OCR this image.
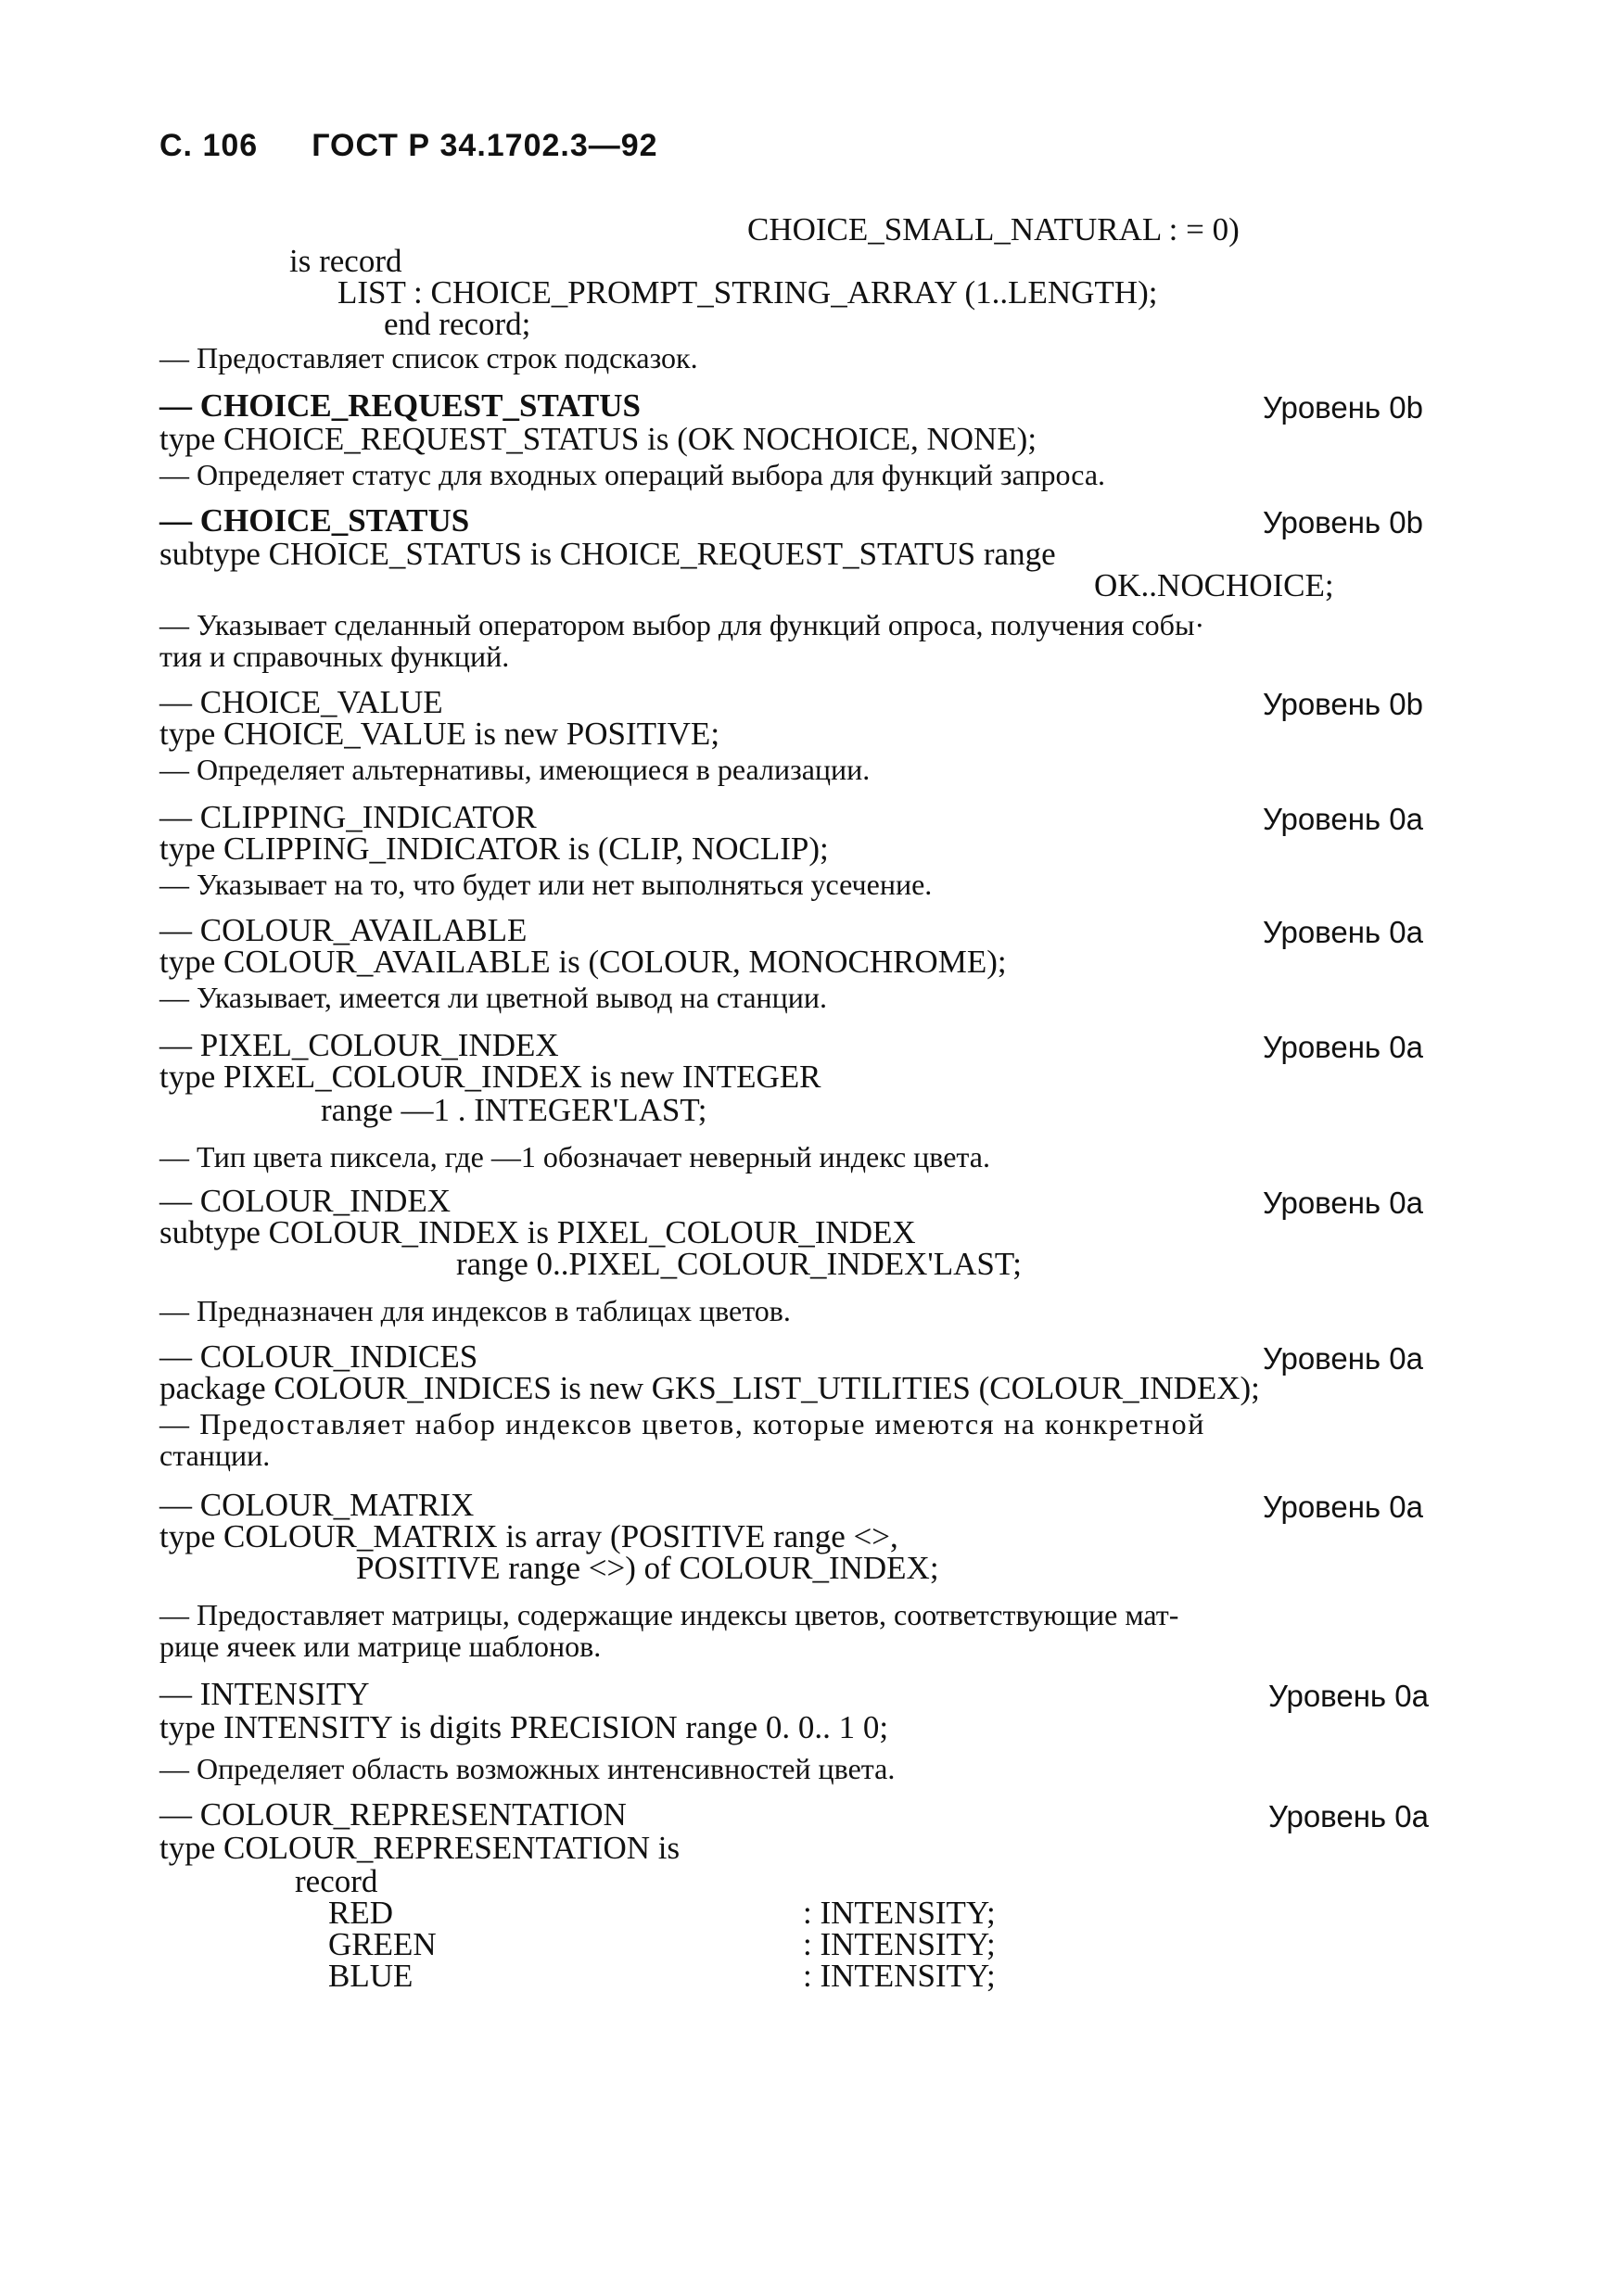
С. 106 ГОСТ Р 34.1702.3—92
CHOICE_SMALL_NATURAL : = 0)
is record
LIST : CHOICE_PROMPT_STRING_ARRAY (1..LENGTH);
end record;
— Предоставляет список строк подсказок.
— CHOICE_REQUEST_STATUS	Уровень 0b
type CHOICE_REQUEST_STATUS is (OK NOCHOICE, NONE);
— Определяет статус для входных операций выбора для функций запроса.
— CHOICE_STATUS	Уровень 0b
subtype CHOICE_STATUS is CHOICE_REQUEST_STATUS range
OK..NOCHOICE;
— Указывает сделанный оператором выбор для функций опроса, получения собы·
тия и справочных функций.
— CHOICE_VALUE	Уровень 0b
type CHOICE_VALUE is new POSITIVE;
— Определяет альтернативы, имеющиеся в реализации.
— CLIPPING_INDICATOR	Уровень 0a
type CLIPPING_INDICATOR is (CLIP, NOCLIP);
— Указывает на то, что будет или нет выполняться усечение.
— COLOUR_AVAILABLE	Уровень 0a
type COLOUR_AVAILABLE is (COLOUR, MONOCHROME);
— Указывает, имеется ли цветной вывод на станции.
— PIXEL_COLOUR_INDEX	Уровень 0a
type PIXEL_COLOUR_INDEX is new INTEGER
range —1 . INTEGER'LAST;
— Тип цвета пиксела, где —1 обозначает неверный индекс цвета.
— COLOUR_INDEX	Уровень 0a
subtype COLOUR_INDEX is PIXEL_COLOUR_INDEX
range 0..PIXEL_COLOUR_INDEX'LAST;
— Предназначен для индексов в таблицах цветов.
— COLOUR_INDICES	Уровень 0a
package COLOUR_INDICES is new GKS_LIST_UTILITIES (COLOUR_INDEX);
— Предоставляет набор индексов цветов, которые имеются на конкретной
станции.
— COLOUR_MATRIX	Уровень 0a
type COLOUR_MATRIX is array (POSITIVE range <>,
POSITIVE range <>) of COLOUR_INDEX;
— Предоставляет матрицы, содержащие индексы цветов, соответствующие мат-
рице ячеек или матрице шаблонов.
— INTENSITY	Уровень 0a
type INTENSITY is digits PRECISION range 0. 0.. 1 0;
— Определяет область возможных интенсивностей цвета.
— COLOUR_REPRESENTATION	Уровень 0a
type COLOUR_REPRESENTATION is
record
RED	: INTENSITY;
GREEN	: INTENSITY;
BLUE	: INTENSITY;
